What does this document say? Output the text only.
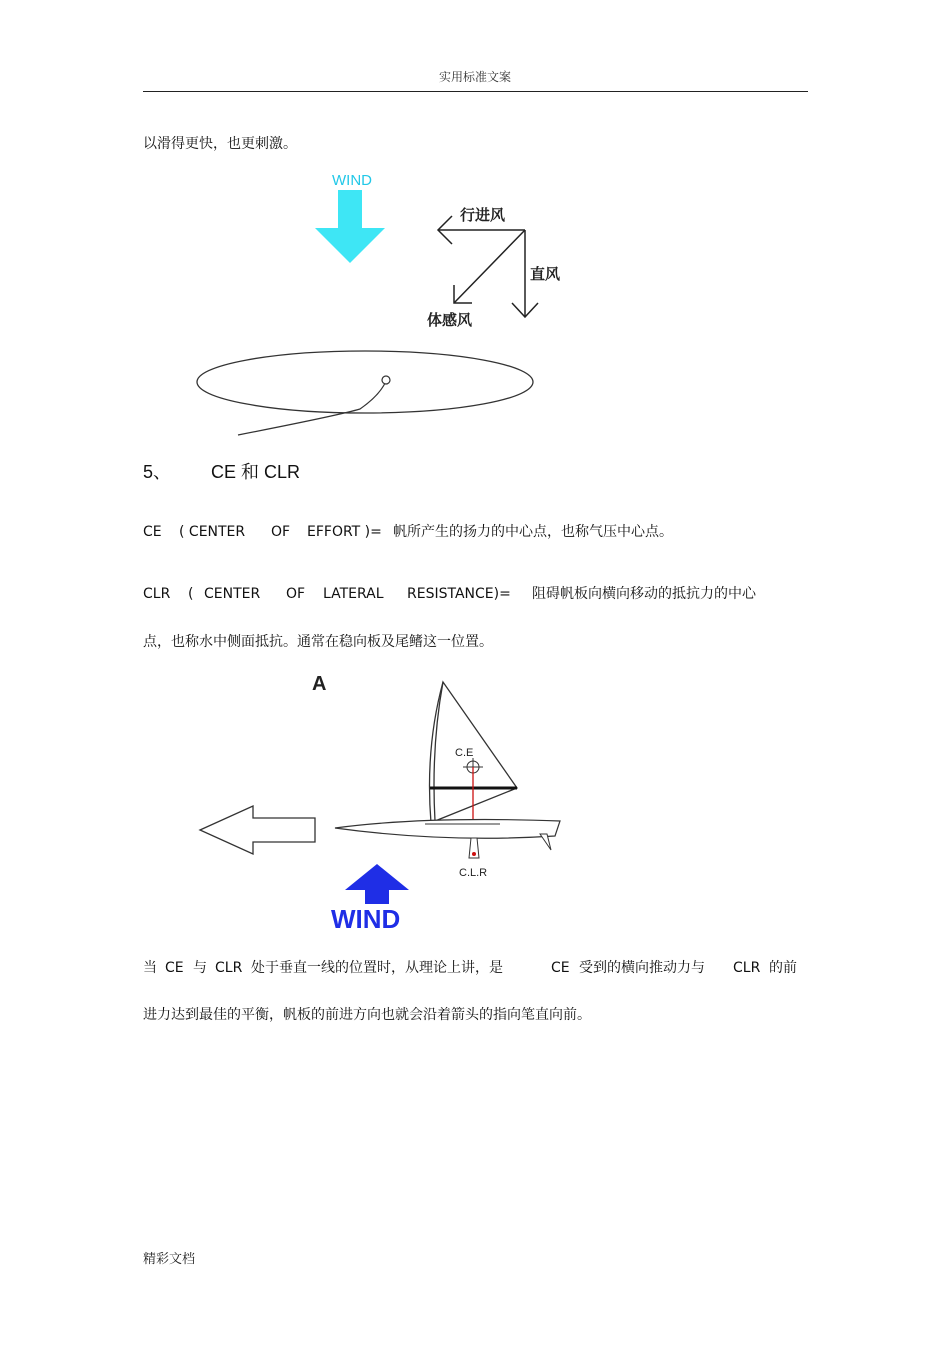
实用标准文案
以滑得更快，也更刺激。
WIND
行进风
直风
体感风
5、 CE 和 CLR
CE ( CENTER OF EFFORT )= 帆所产生的扬力的中心点，也称气压中心点。
CLR ( CENTER OF LATERAL RESISTANCE)= 阻碍帆板向横向移动的抵抗力的中心
点，也称水中侧面抵抗。通常在稳向板及尾鳍这一位置。
A
C.E
C.L.R
WIND
当 CE 与 CLR 处于垂直一线的位置时，从理论上讲，是	CE 受到的横向推动力与 CLR 的前
进力达到最佳的平衡，帆板的前进方向也就会沿着箭头的指向笔直向前。
精彩文档
